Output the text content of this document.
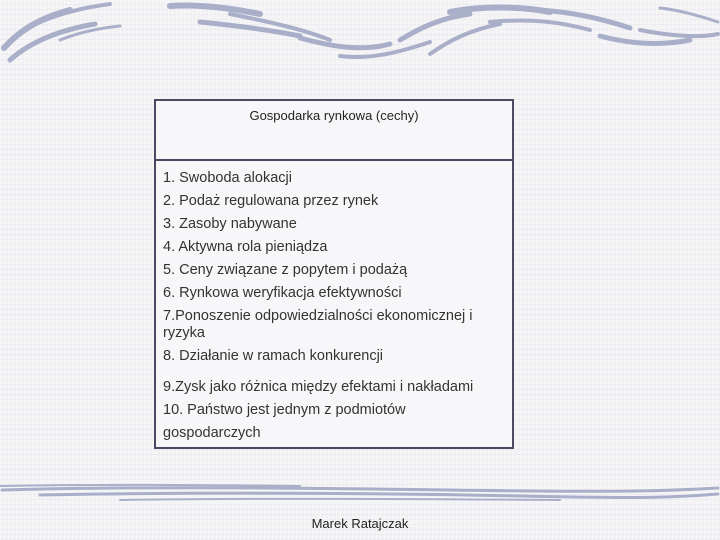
Gospodarka rynkowa (cechy)
1. Swoboda alokacji
2. Podaż regulowana przez rynek
3. Zasoby nabywane
4. Aktywna rola pieniądza
5. Ceny związane z popytem i podażą
6. Rynkowa weryfikacja efektywności
7.Ponoszenie odpowiedzialności ekonomicznej i ryzyka
8. Działanie w ramach konkurencji
9.Zysk jako różnica między efektami i nakładami
10. Państwo jest jednym z podmiotów gospodarczych
Marek Ratajczak
